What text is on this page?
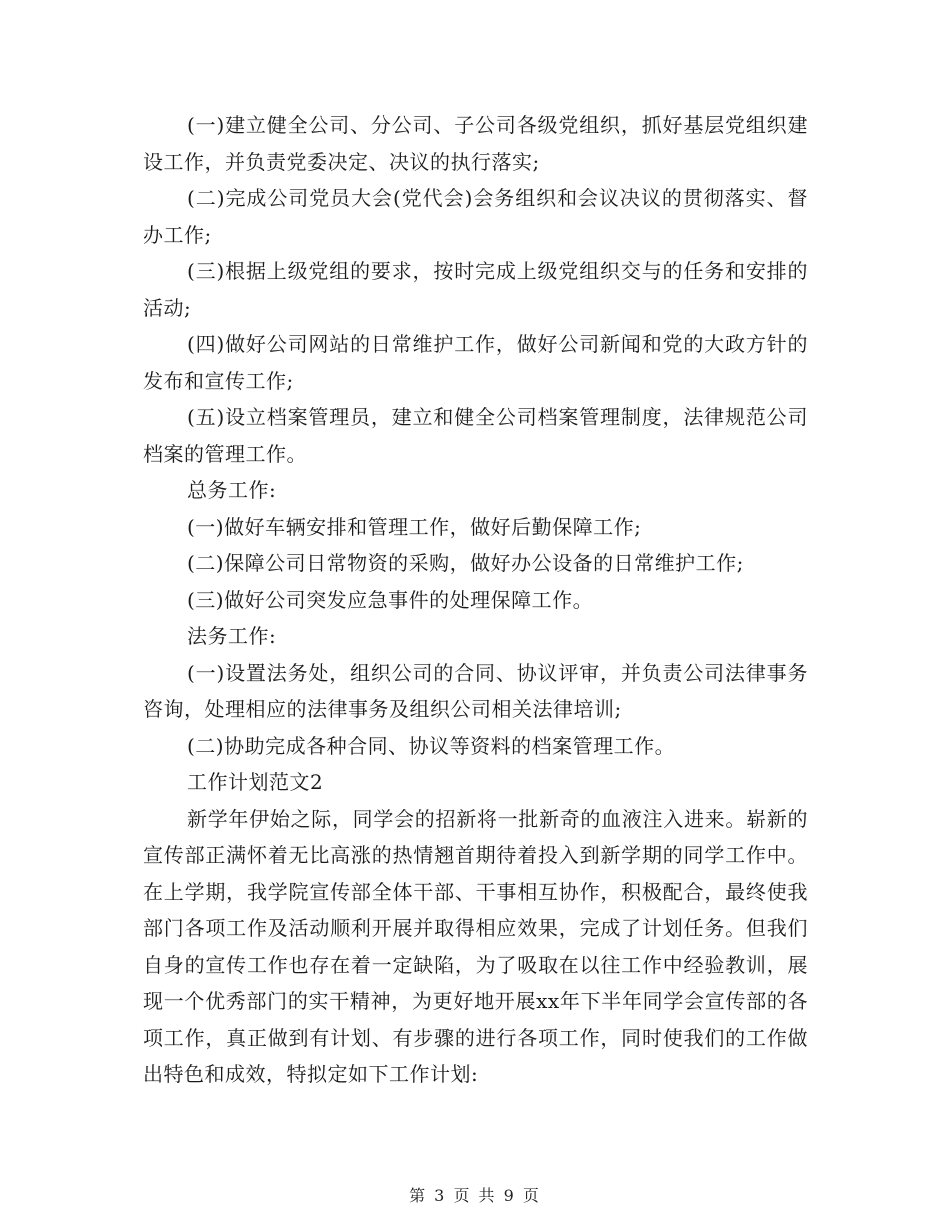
(一)建立健全公司、分公司、子公司各级党组织，抓好基层党组织建设工作，并负责党委决定、决议的执行落实;

(二)完成公司党员大会(党代会)会务组织和会议决议的贯彻落实、督办工作;

(三)根据上级党组的要求，按时完成上级党组织交与的任务和安排的活动;

(四)做好公司网站的日常维护工作，做好公司新闻和党的大政方针的发布和宣传工作;

(五)设立档案管理员，建立和健全公司档案管理制度，法律规范公司档案的管理工作。

总务工作:

(一)做好车辆安排和管理工作，做好后勤保障工作;

(二)保障公司日常物资的采购，做好办公设备的日常维护工作;

(三)做好公司突发应急事件的处理保障工作。

法务工作:

(一)设置法务处，组织公司的合同、协议评审，并负责公司法律事务咨询，处理相应的法律事务及组织公司相关法律培训;

(二)协助完成各种合同、协议等资料的档案管理工作。

工作计划范文2

新学年伊始之际，同学会的招新将一批新奇的血液注入进来。崭新的宣传部正满怀着无比高涨的热情翘首期待着投入到新学期的同学工作中。在上学期，我学院宣传部全体干部、干事相互协作，积极配合，最终使我部门各项工作及活动顺利开展并取得相应效果，完成了计划任务。但我们自身的宣传工作也存在着一定缺陷，为了吸取在以往工作中经验教训，展现一个优秀部门的实干精神，为更好地开展xx年下半年同学会宣传部的各项工作，真正做到有计划、有步骤的进行各项工作，同时使我们的工作做出特色和成效，特拟定如下工作计划:

第 3 页 共 9 页
